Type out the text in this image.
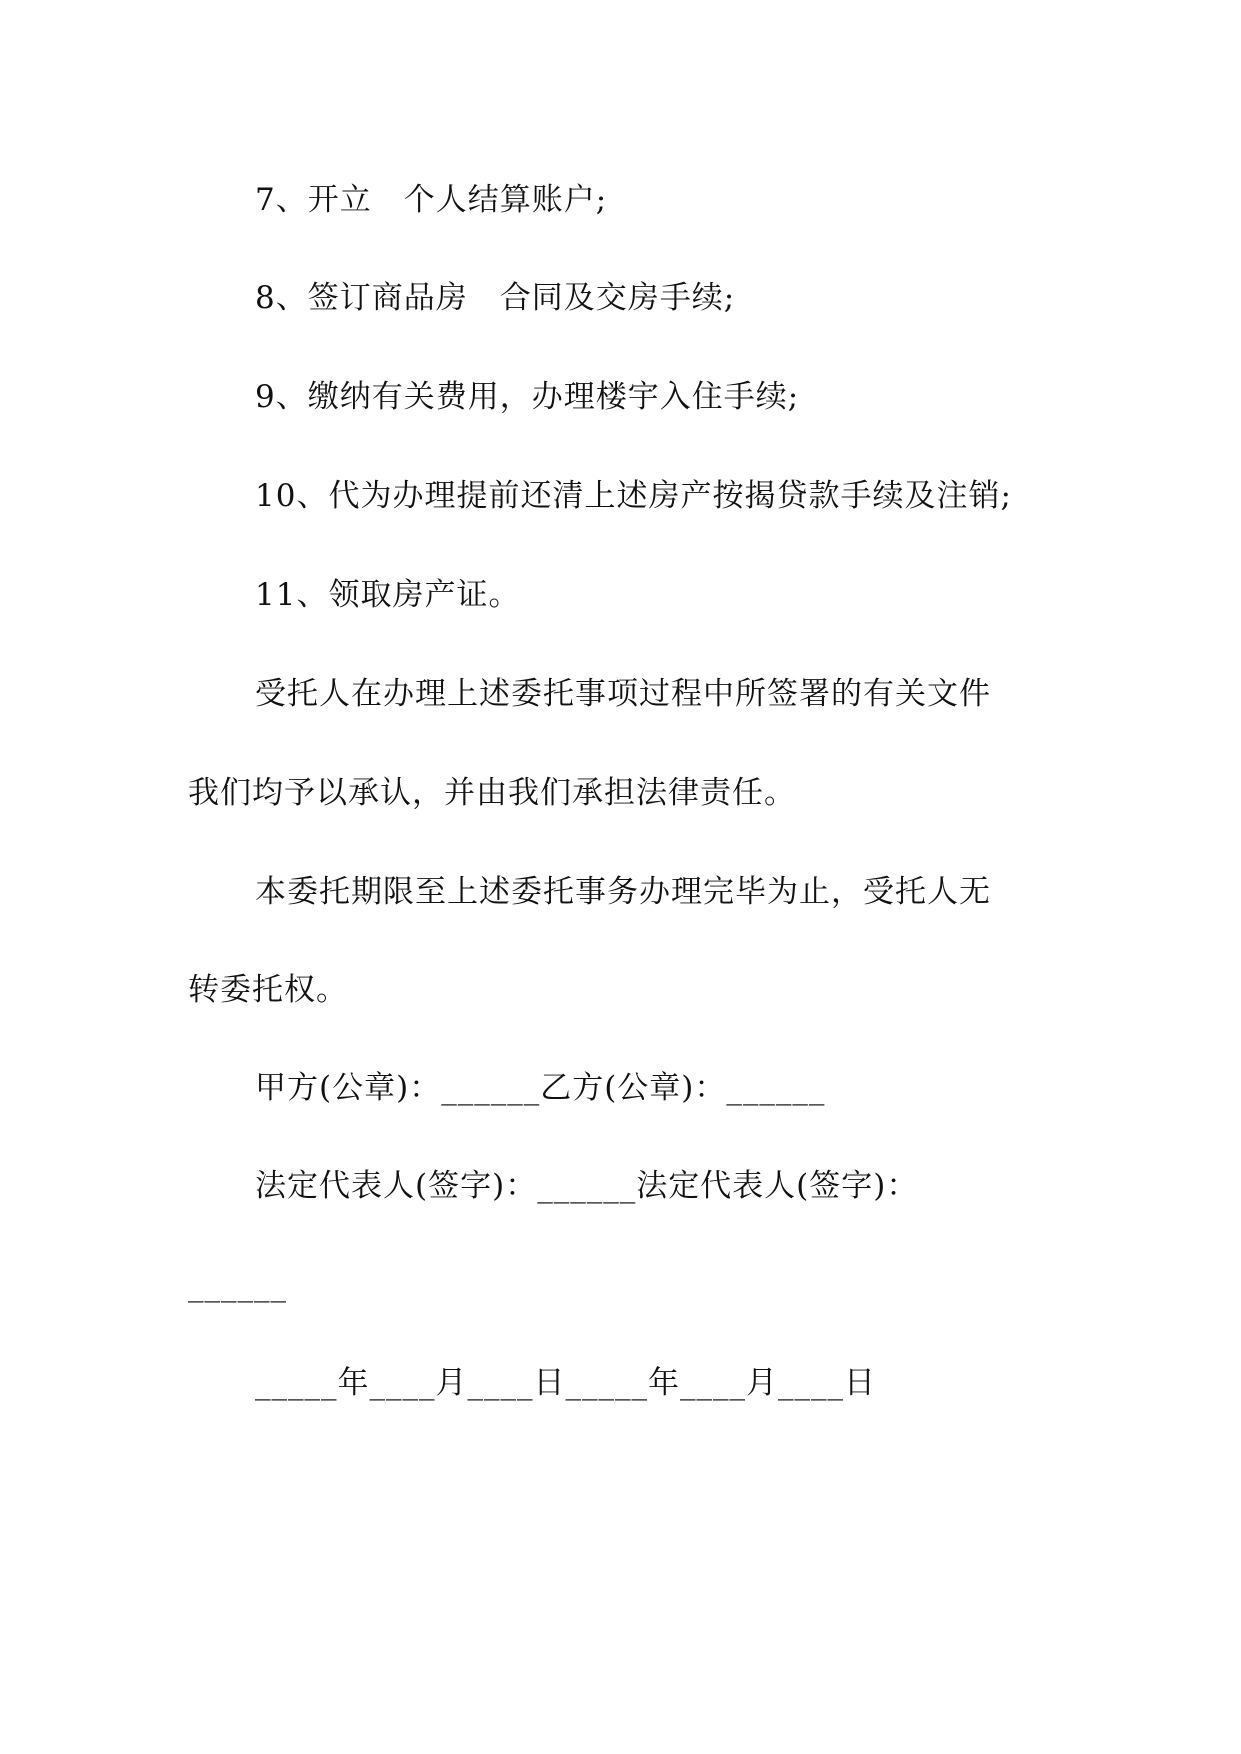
7、开立　个人结算账户;

8、签订商品房　合同及交房手续;

9、缴纳有关费用，办理楼宇入住手续;

10、代为办理提前还清上述房产按揭贷款手续及注销;

11、领取房产证。

受托人在办理上述委托事项过程中所签署的有关文件

我们均予以承认，并由我们承担法律责任。

本委托期限至上述委托事务办理完毕为止，受托人无

转委托权。

甲方(公章)：______乙方(公章)：______

法定代表人(签字)：______法定代表人(签字)：

______

_____年____月____日_____年____月____日
